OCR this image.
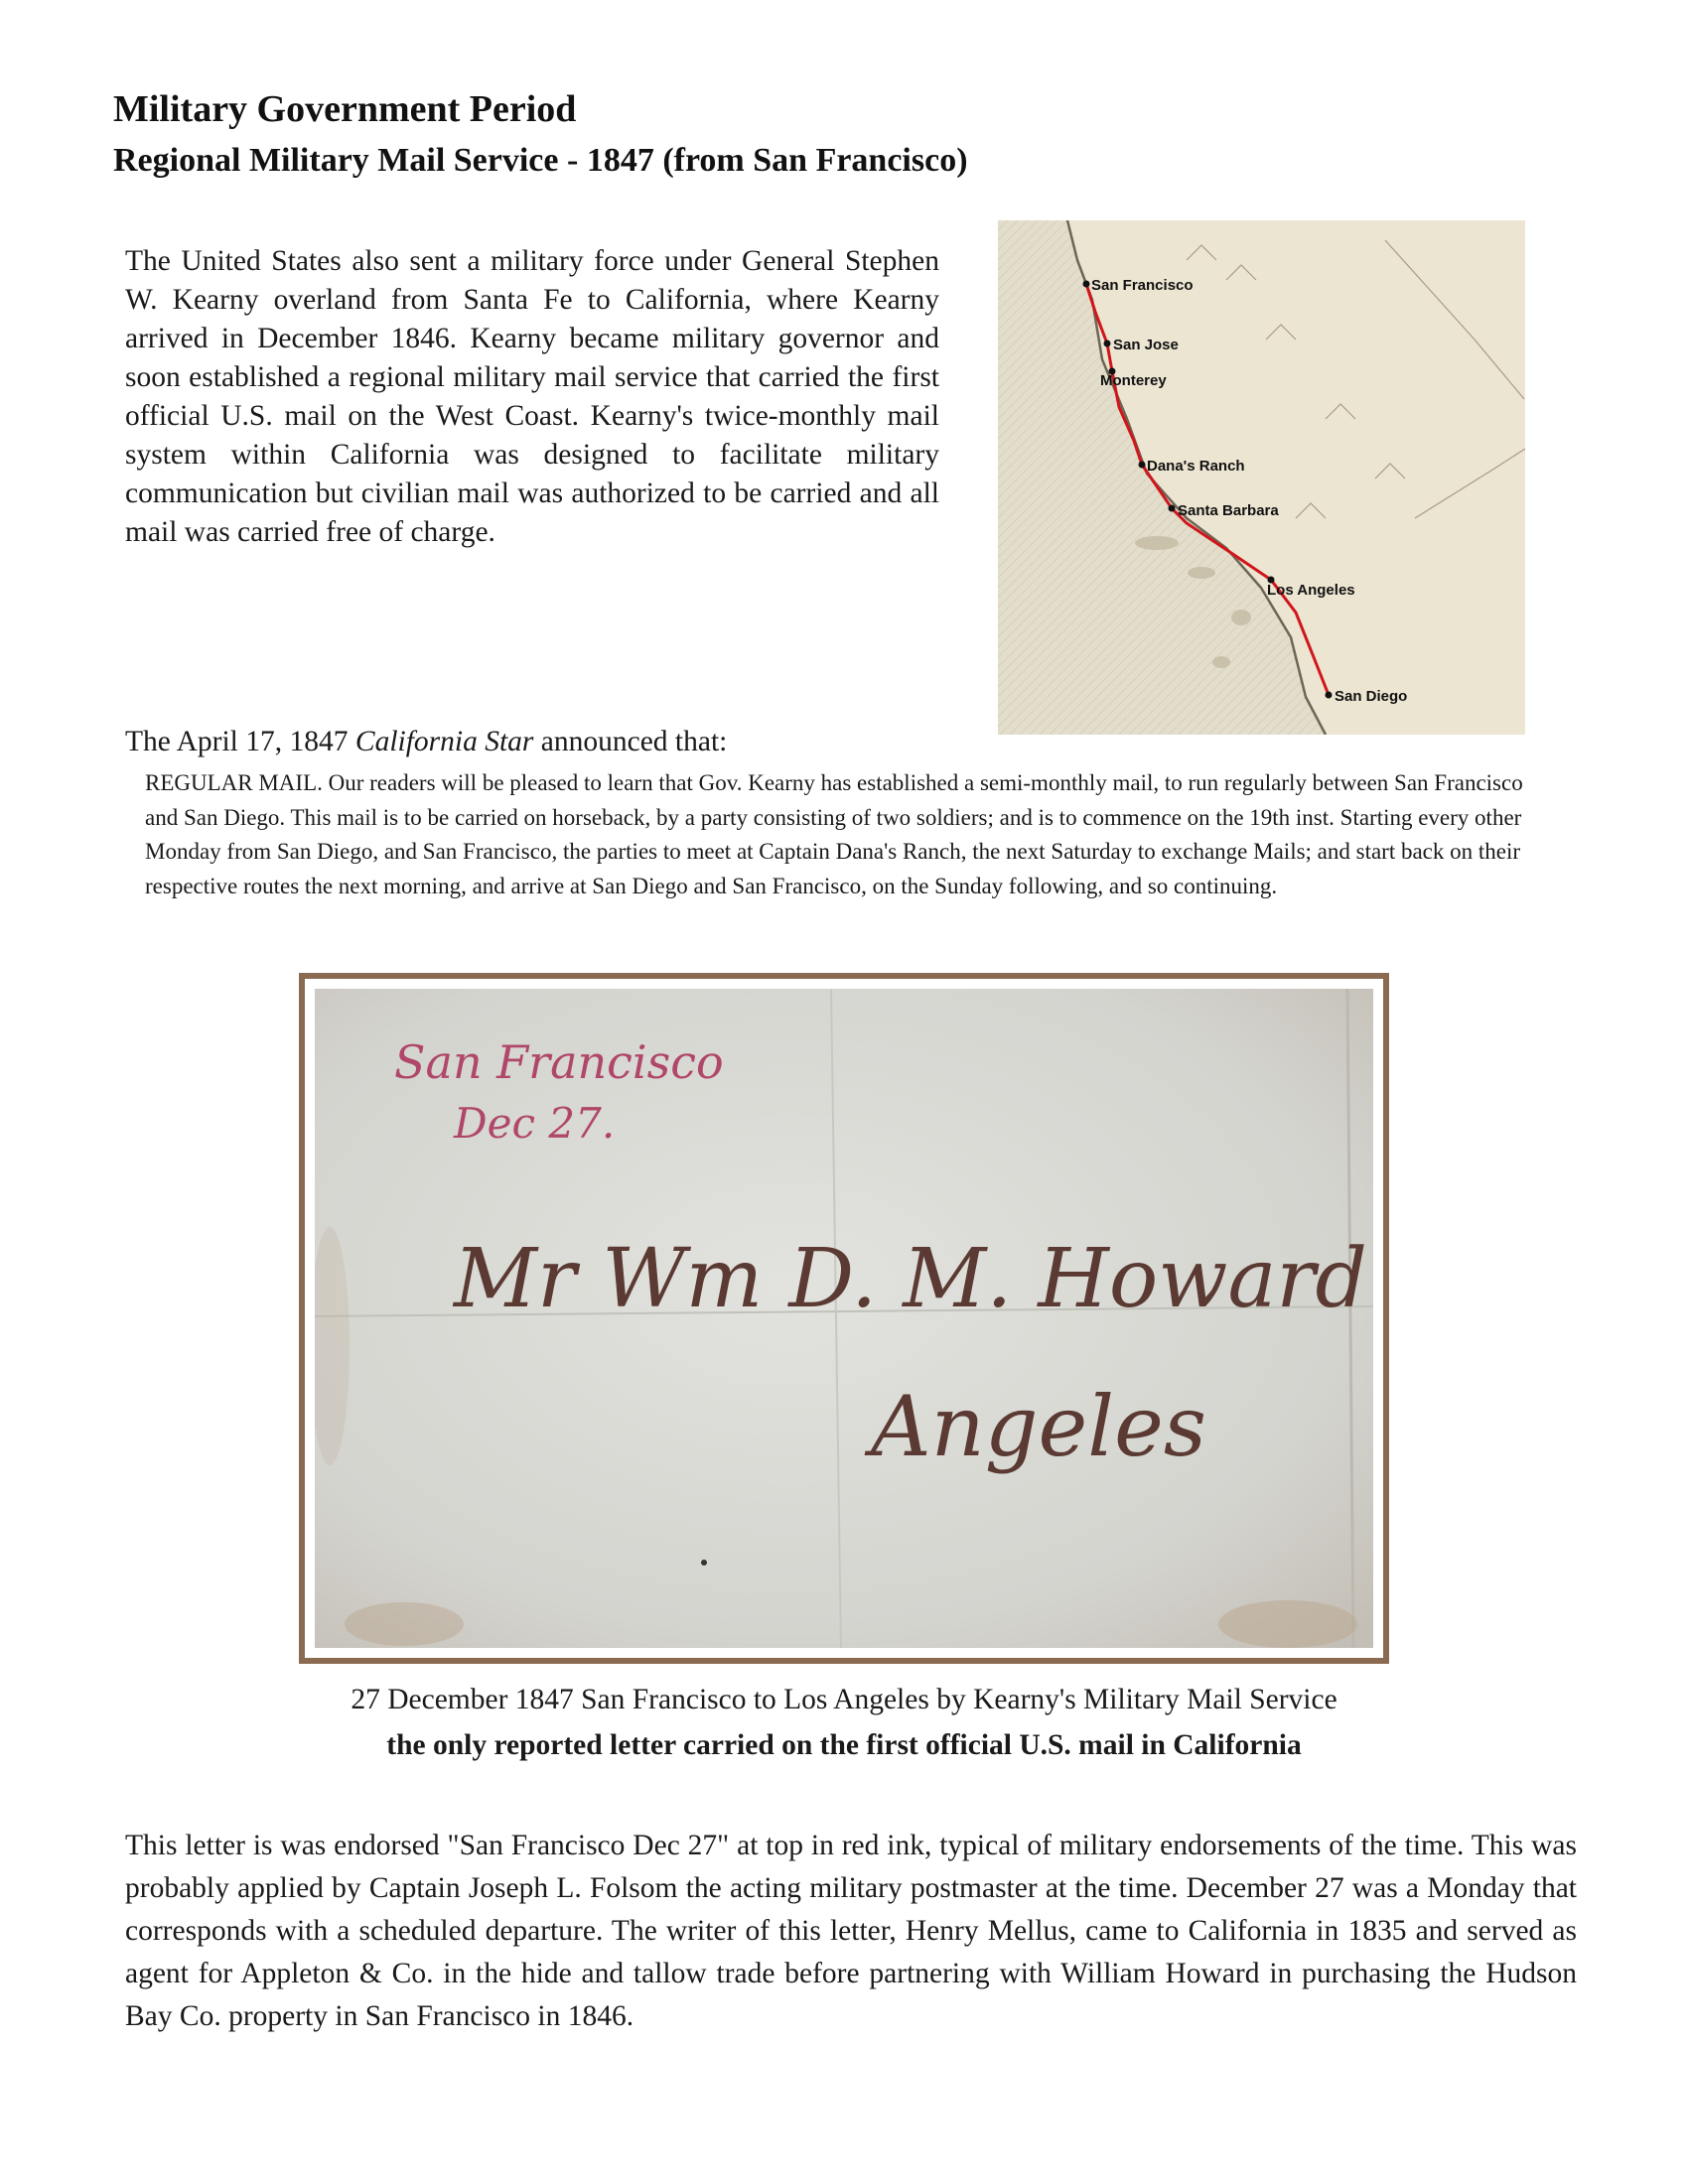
Military Government Period
Regional Military Mail Service - 1847 (from San Francisco)

The United States also sent a military force under General Stephen W. Kearny overland from Santa Fe to California, where Kearny arrived in December 1846. Kearny became military governor and soon established a regional military mail service that carried the first official U.S. mail on the West Coast. Kearny's twice-monthly mail system within California was designed to facilitate military communication but civilian mail was authorized to be carried and all mail was carried free of charge.

San Francisco
San Jose
Monterey
Dana's Ranch
Santa Barbara
Los Angeles
San Diego

The April 17, 1847 California Star announced that:

REGULAR MAIL. Our readers will be pleased to learn that Gov. Kearny has established a semi-monthly mail, to run regularly between San Francisco and San Diego. This mail is to be carried on horseback, by a party consisting of two soldiers; and is to commence on the 19th inst. Starting every other Monday from San Diego, and San Francisco, the parties to meet at Captain Dana's Ranch, the next Saturday to exchange Mails; and start back on their respective routes the next morning, and arrive at San Diego and San Francisco, on the Sunday following, and so continuing.

San Francisco
Dec 27.
Mr Wm D. M. Howard
Angeles

27 December 1847 San Francisco to Los Angeles by Kearny's Military Mail Service

the only reported letter carried on the first official U.S. mail in California

This letter is was endorsed "San Francisco Dec 27" at top in red ink, typical of military endorsements of the time. This was probably applied by Captain Joseph L. Folsom the acting military postmaster at the time. December 27 was a Monday that corresponds with a scheduled departure. The writer of this letter, Henry Mellus, came to California in 1835 and served as agent for Appleton & Co. in the hide and tallow trade before partnering with William Howard in purchasing the Hudson Bay Co. property in San Francisco in 1846.
